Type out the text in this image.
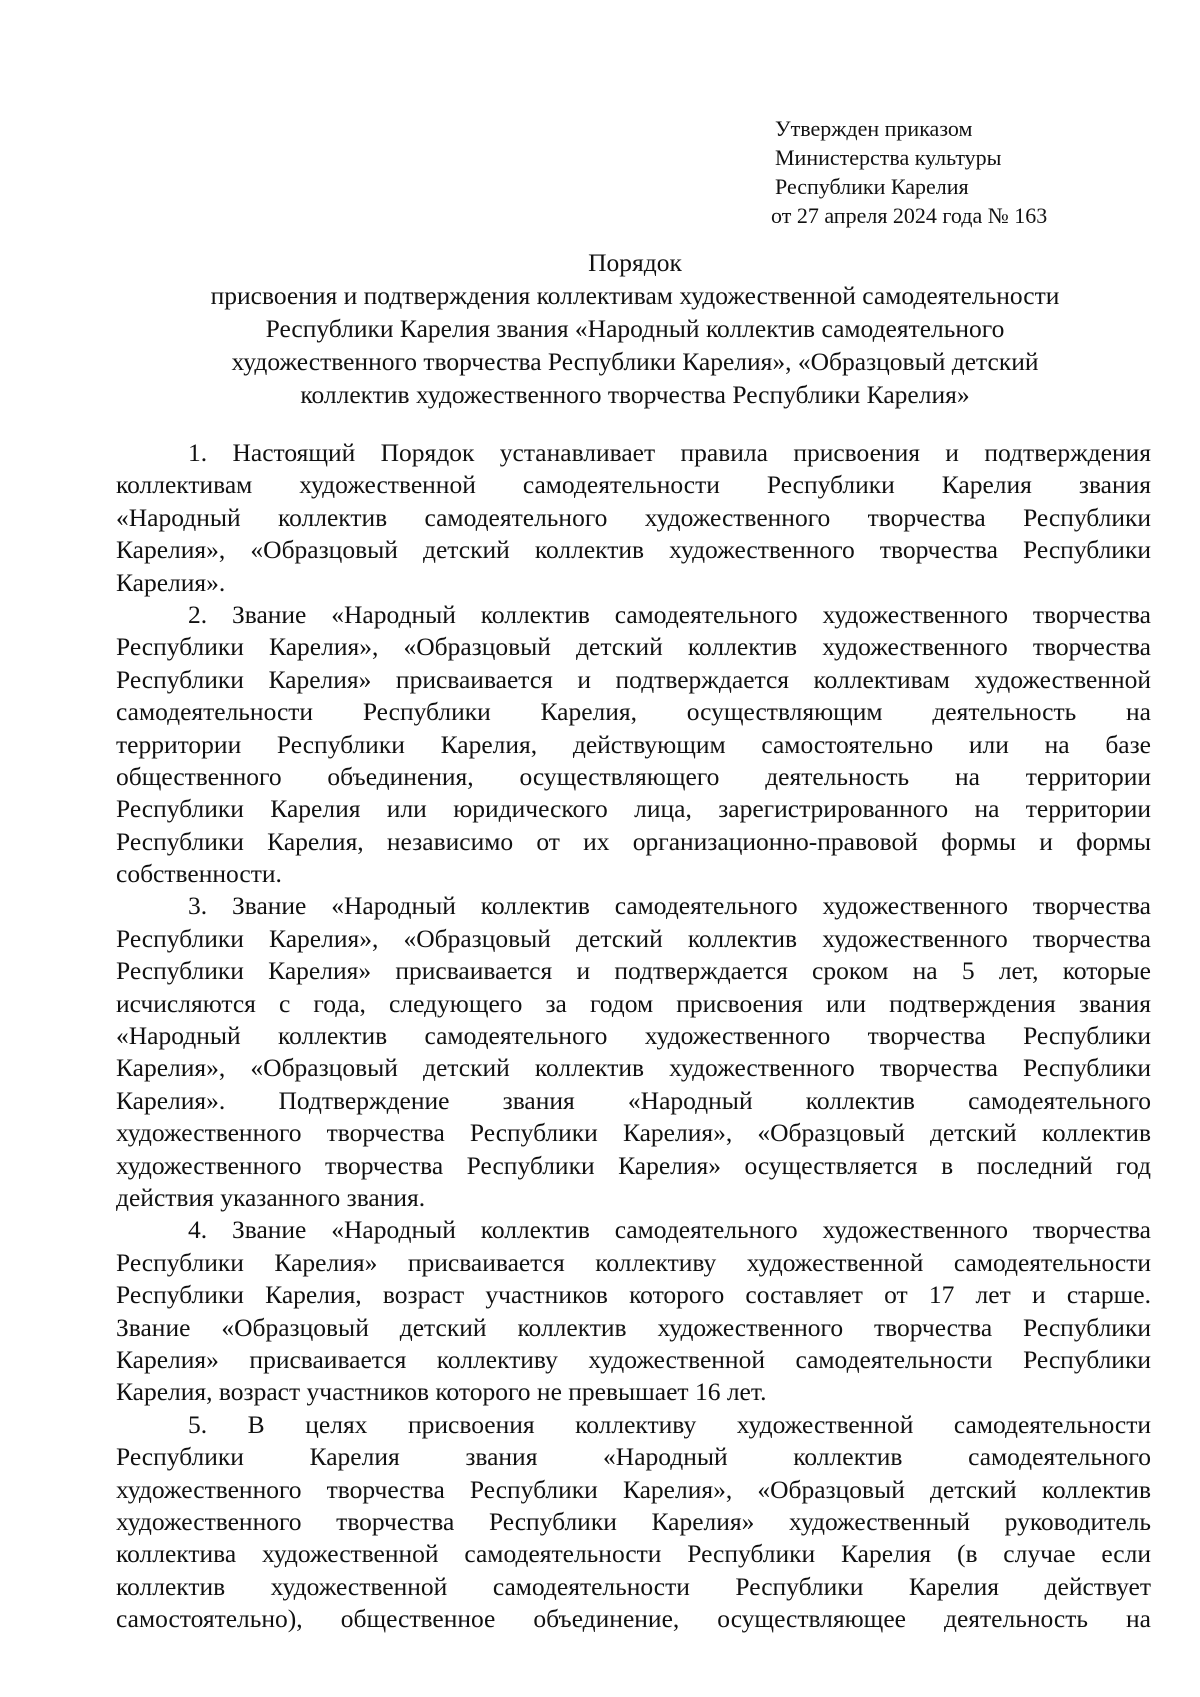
Утвержден приказом
Министерства культуры
Республики Карелия
от 27 апреля 2024 года № 163
Порядок
присвоения и подтверждения коллективам художественной самодеятельности
Республики Карелия звания «Народный коллектив самодеятельного
художественного творчества Республики Карелия», «Образцовый детский
коллектив художественного творчества Республики Карелия»
1. Настоящий Порядок устанавливает правила присвоения и подтверждения
коллективам художественной самодеятельности Республики Карелия звания
«Народный коллектив самодеятельного художественного творчества Республики
Карелия», «Образцовый детский коллектив художественного творчества Республики
Карелия».
2. Звание «Народный коллектив самодеятельного художественного творчества
Республики Карелия», «Образцовый детский коллектив художественного творчества
Республики Карелия» присваивается и подтверждается коллективам художественной
самодеятельности Республики Карелия, осуществляющим деятельность на
территории Республики Карелия, действующим самостоятельно или на базе
общественного объединения, осуществляющего деятельность на территории
Республики Карелия или юридического лица, зарегистрированного на территории
Республики Карелия, независимо от их организационно-правовой формы и формы
собственности.
3. Звание «Народный коллектив самодеятельного художественного творчества
Республики Карелия», «Образцовый детский коллектив художественного творчества
Республики Карелия» присваивается и подтверждается сроком на 5 лет, которые
исчисляются с года, следующего за годом присвоения или подтверждения звания
«Народный коллектив самодеятельного художественного творчества Республики
Карелия», «Образцовый детский коллектив художественного творчества Республики
Карелия». Подтверждение звания «Народный коллектив самодеятельного
художественного творчества Республики Карелия», «Образцовый детский коллектив
художественного творчества Республики Карелия» осуществляется в последний год
действия указанного звания.
4. Звание «Народный коллектив самодеятельного художественного творчества
Республики Карелия» присваивается коллективу художественной самодеятельности
Республики Карелия, возраст участников которого составляет от 17 лет и старше.
Звание «Образцовый детский коллектив художественного творчества Республики
Карелия» присваивается коллективу художественной самодеятельности Республики
Карелия, возраст участников которого не превышает 16 лет.
5. В целях присвоения коллективу художественной самодеятельности
Республики Карелия звания «Народный коллектив самодеятельного
художественного творчества Республики Карелия», «Образцовый детский коллектив
художественного творчества Республики Карелия» художественный руководитель
коллектива художественной самодеятельности Республики Карелия (в случае если
коллектив художественной самодеятельности Республики Карелия действует
самостоятельно), общественное объединение, осуществляющее деятельность на
